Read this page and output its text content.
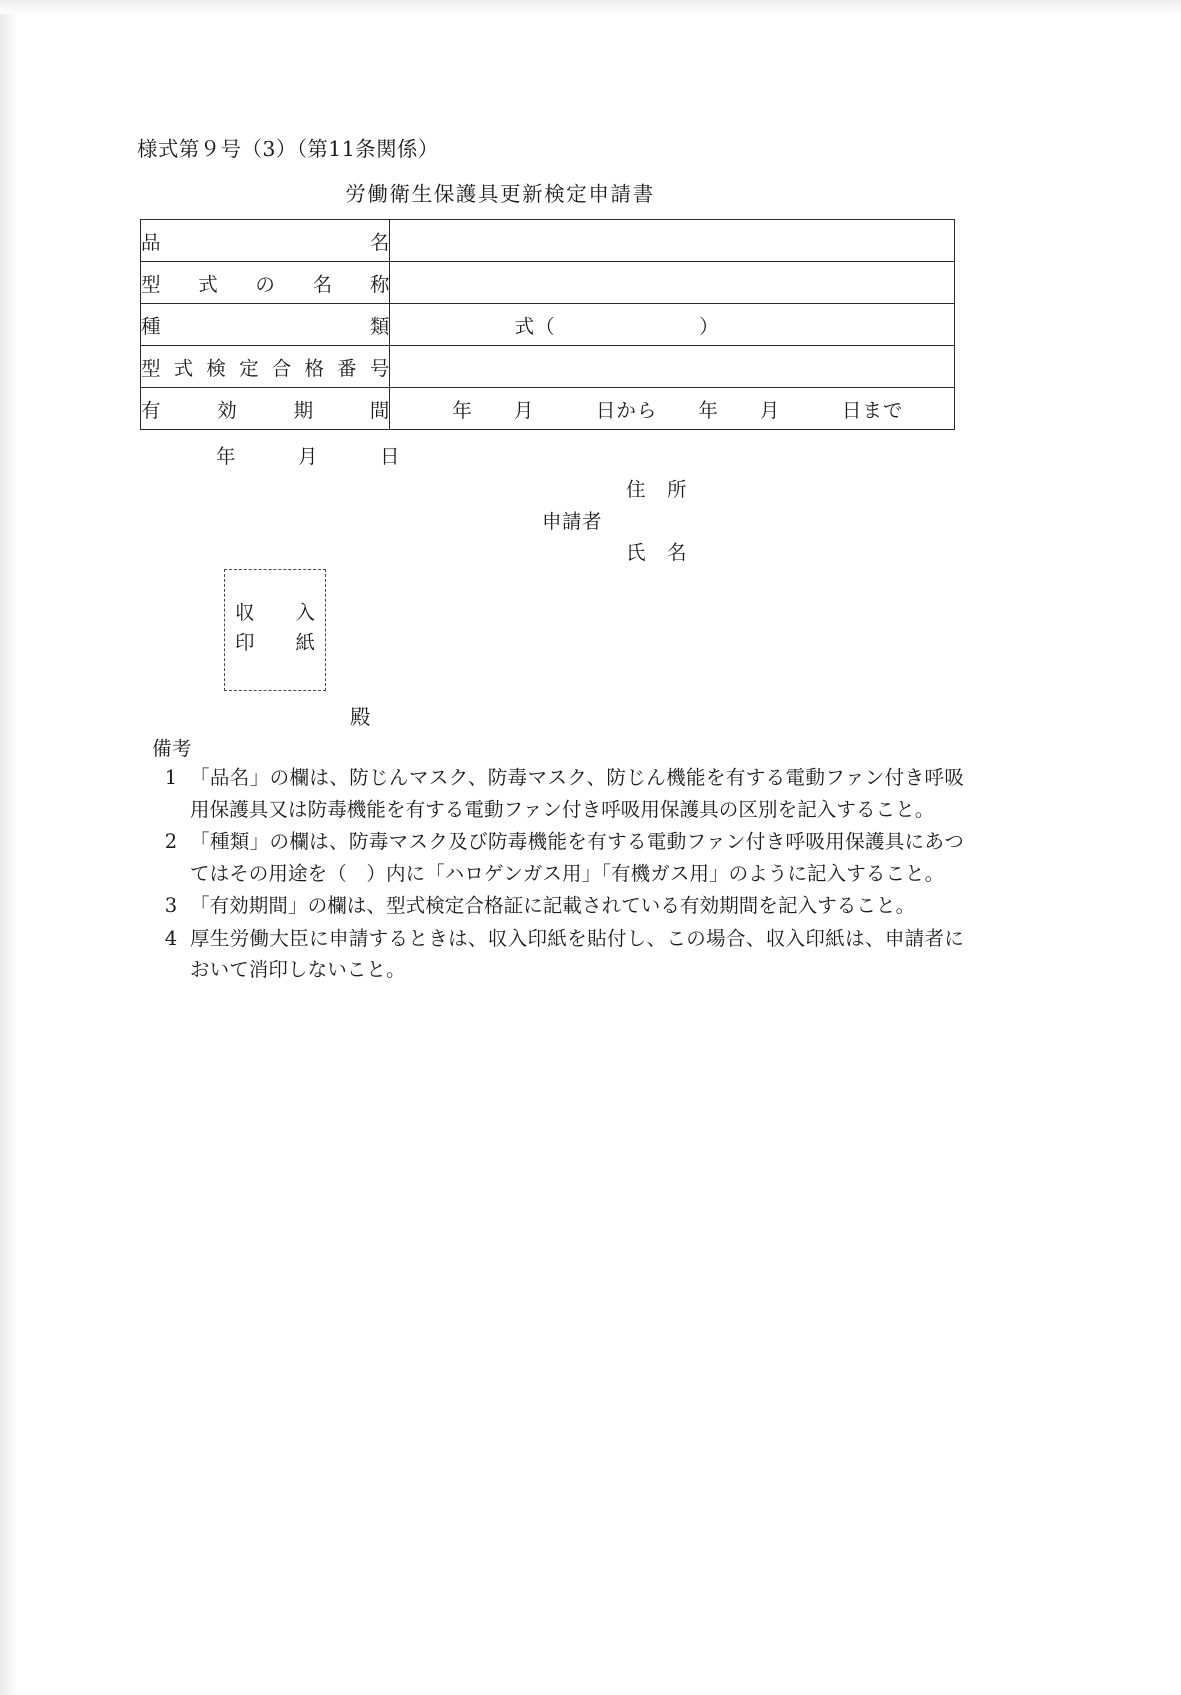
様式第９号（3）（第11条関係）
労働衛生保護具更新検定申請書
品 名	

型 式 の 名 称	

種 類	式（　　　　　　　）

型 式 検 定 合 格 番 号

有 効 期 間	年　　月　　　日から　　年　　月　　　日まで
年　　　月　　　日
住　所
申請者
氏　名
収 入
印 紙
殿
備考
1 「品名」の欄は、防じんマスク、防毒マスク、防じん機能を有する電動ファン付き呼吸用保護具又は防毒機能を有する電動ファン付き呼吸用保護具の区別を記入すること。
2 「種類」の欄は、防毒マスク及び防毒機能を有する電動ファン付き呼吸用保護具にあつてはその用途を（　）内に「ハロゲンガス用」「有機ガス用」のように記入すること。
3 「有効期間」の欄は、型式検定合格証に記載されている有効期間を記入すること。
4 厚生労働大臣に申請するときは、収入印紙を貼付し、この場合、収入印紙は、申請者において消印しないこと。
